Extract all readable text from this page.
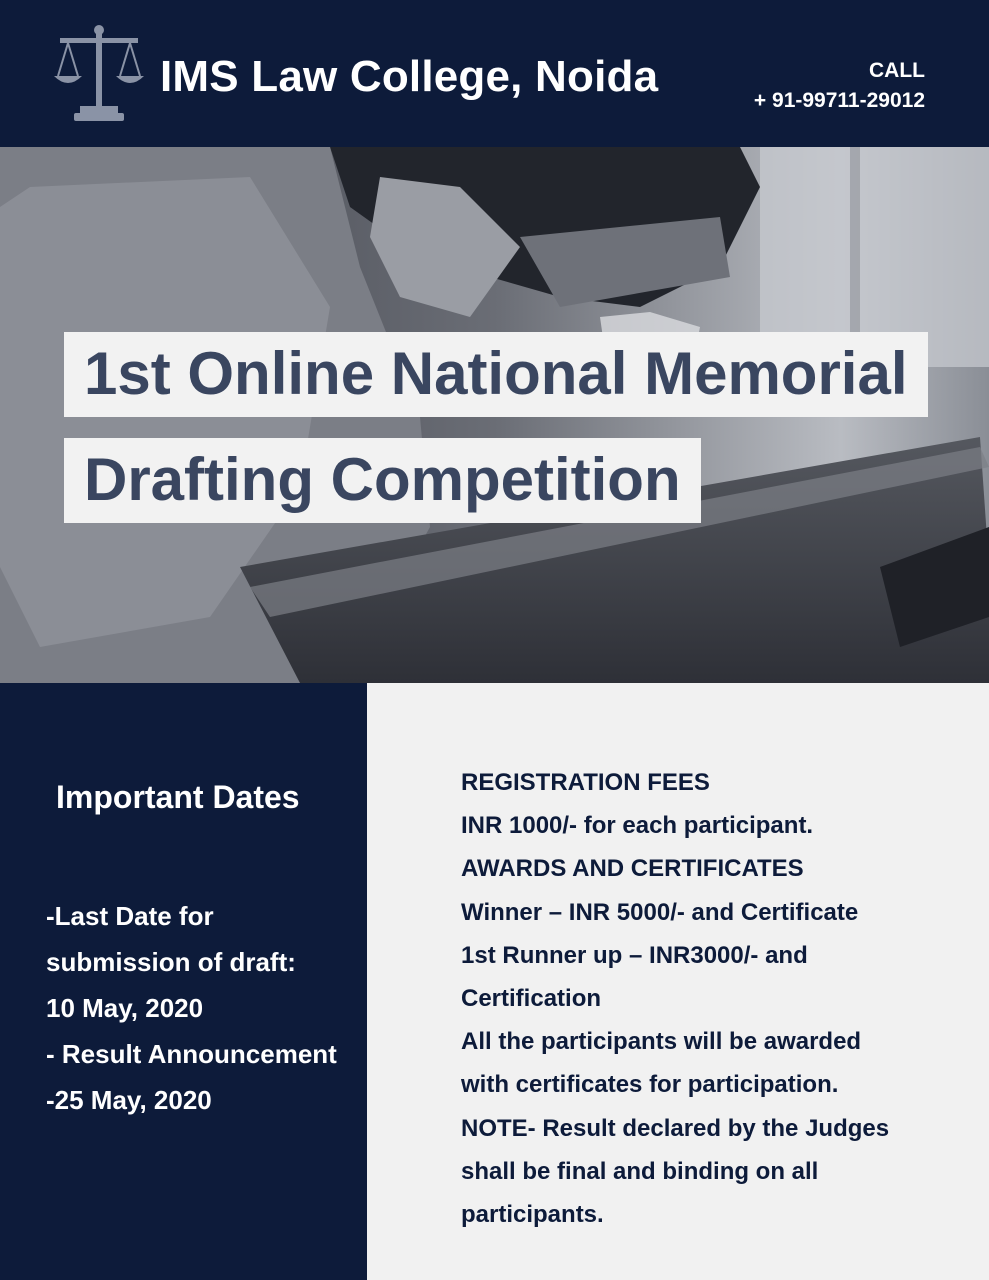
IMS Law College, Noida	CALL
+ 91-99711-29012
1st Online National Memorial
Drafting Competition
Important Dates
-Last Date for
submission of draft:
10 May, 2020
- Result Announcement
-25 May, 2020
REGISTRATION FEES
INR 1000/- for each participant.
AWARDS AND CERTIFICATES
Winner – INR 5000/- and Certificate
1st Runner up – INR3000/- and
Certification
All the participants will be awarded
with certificates for participation.
NOTE- Result declared by the Judges
shall be final and binding on all
participants.
